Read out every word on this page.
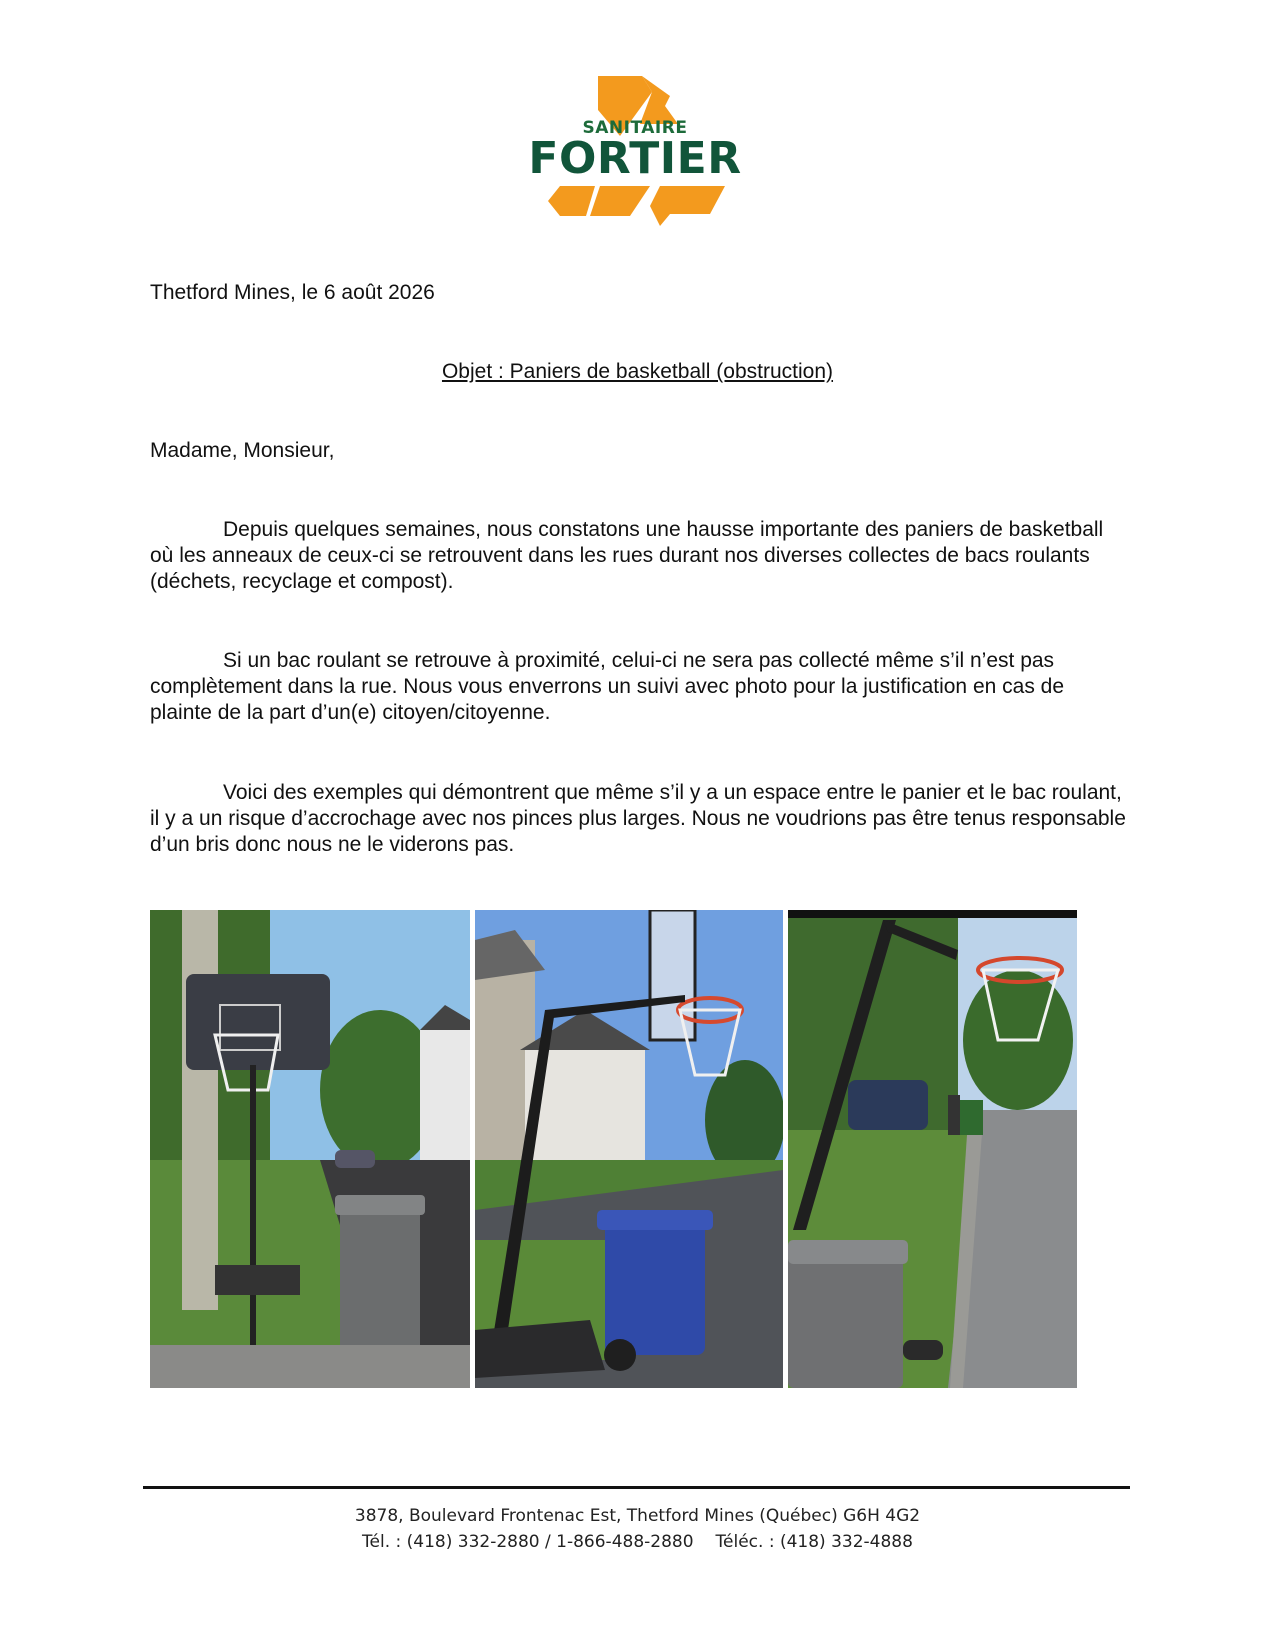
SANITAIRE
FORTIER
Thetford Mines, le 6 août 2026
Objet : Paniers de basketball (obstruction)
Madame, Monsieur,
Depuis quelques semaines, nous constatons une hausse importante des paniers de basketball où les anneaux de ceux-ci se retrouvent dans les rues durant nos diverses collectes de bacs roulants (déchets, recyclage et compost).
Si un bac roulant se retrouve à proximité, celui-ci ne sera pas collecté même s’il n’est pas complètement dans la rue. Nous vous enverrons un suivi avec photo pour la justification en cas de plainte de la part d’un(e) citoyen/citoyenne.
Voici des exemples qui démontrent que même s’il y a un espace entre le panier et le bac roulant, il y a un risque d’accrochage avec nos pinces plus larges. Nous ne voudrions pas être tenus responsable d’un bris donc nous ne le viderons pas.
3878, Boulevard Frontenac Est, Thetford Mines (Québec) G6H 4G2
Tél. : (418) 332-2880 / 1-866-488-2880 Téléc. : (418) 332-4888
